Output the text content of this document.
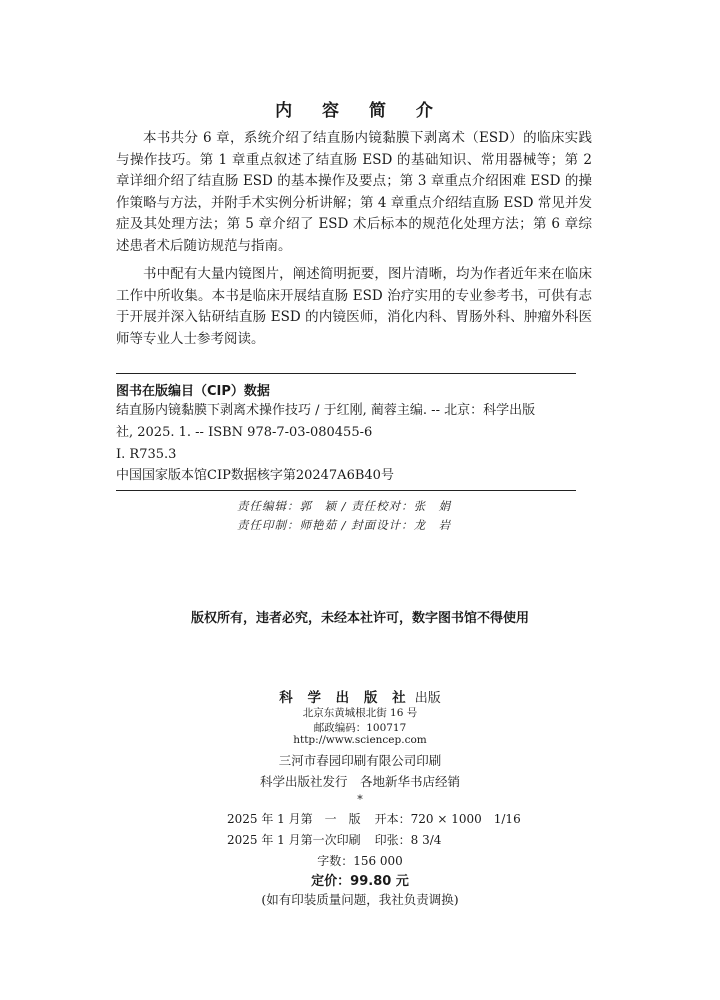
内 容 简 介

本书共分 6 章，系统介绍了结直肠内镜黏膜下剥离术（ESD）的临床实践与操作技巧。第 1 章重点叙述了结直肠 ESD 的基础知识、常用器械等；第 2 章详细介绍了结直肠 ESD 的基本操作及要点；第 3 章重点介绍困难 ESD 的操作策略与方法，并附手术实例分析讲解；第 4 章重点介绍结直肠 ESD 常见并发症及其处理方法；第 5 章介绍了 ESD 术后标本的规范化处理方法；第 6 章综述患者术后随访规范与指南。

书中配有大量内镜图片，阐述简明扼要，图片清晰，均为作者近年来在临床工作中所收集。本书是临床开展结直肠 ESD 治疗实用的专业参考书，可供有志于开展并深入钻研结直肠 ESD 的内镜医师，消化内科、胃肠外科、肿瘤外科医师等专业人士参考阅读。

图书在版编目（CIP）数据
结直肠内镜黏膜下剥离术操作技巧 / 于红刚, 蔺蓉主编. -- 北京：科学出版
社, 2025. 1. -- ISBN 978-7-03-080455-6
Ⅰ. R735.3
中国国家版本馆CIP数据核字第20247A6B40号
责任编辑：郭　颖 / 责任校对：张　娟
责任印制：师艳茹 / 封面设计：龙　岩
版权所有，违者必究，未经本社许可，数字图书馆不得使用
科 学 出 版 社 出版
北京东黄城根北街 16 号
邮政编码：100717
http://www.sciencep.com
三河市春园印刷有限公司印刷
科学出版社发行　各地新华书店经销
*
2025 年 1 月第　一　版 开本：720 × 1000　1/16
2025 年 1 月第一次印刷 印张：8 3/4
字数：156 000
定价：99.80 元
(如有印装质量问题，我社负责调换)
